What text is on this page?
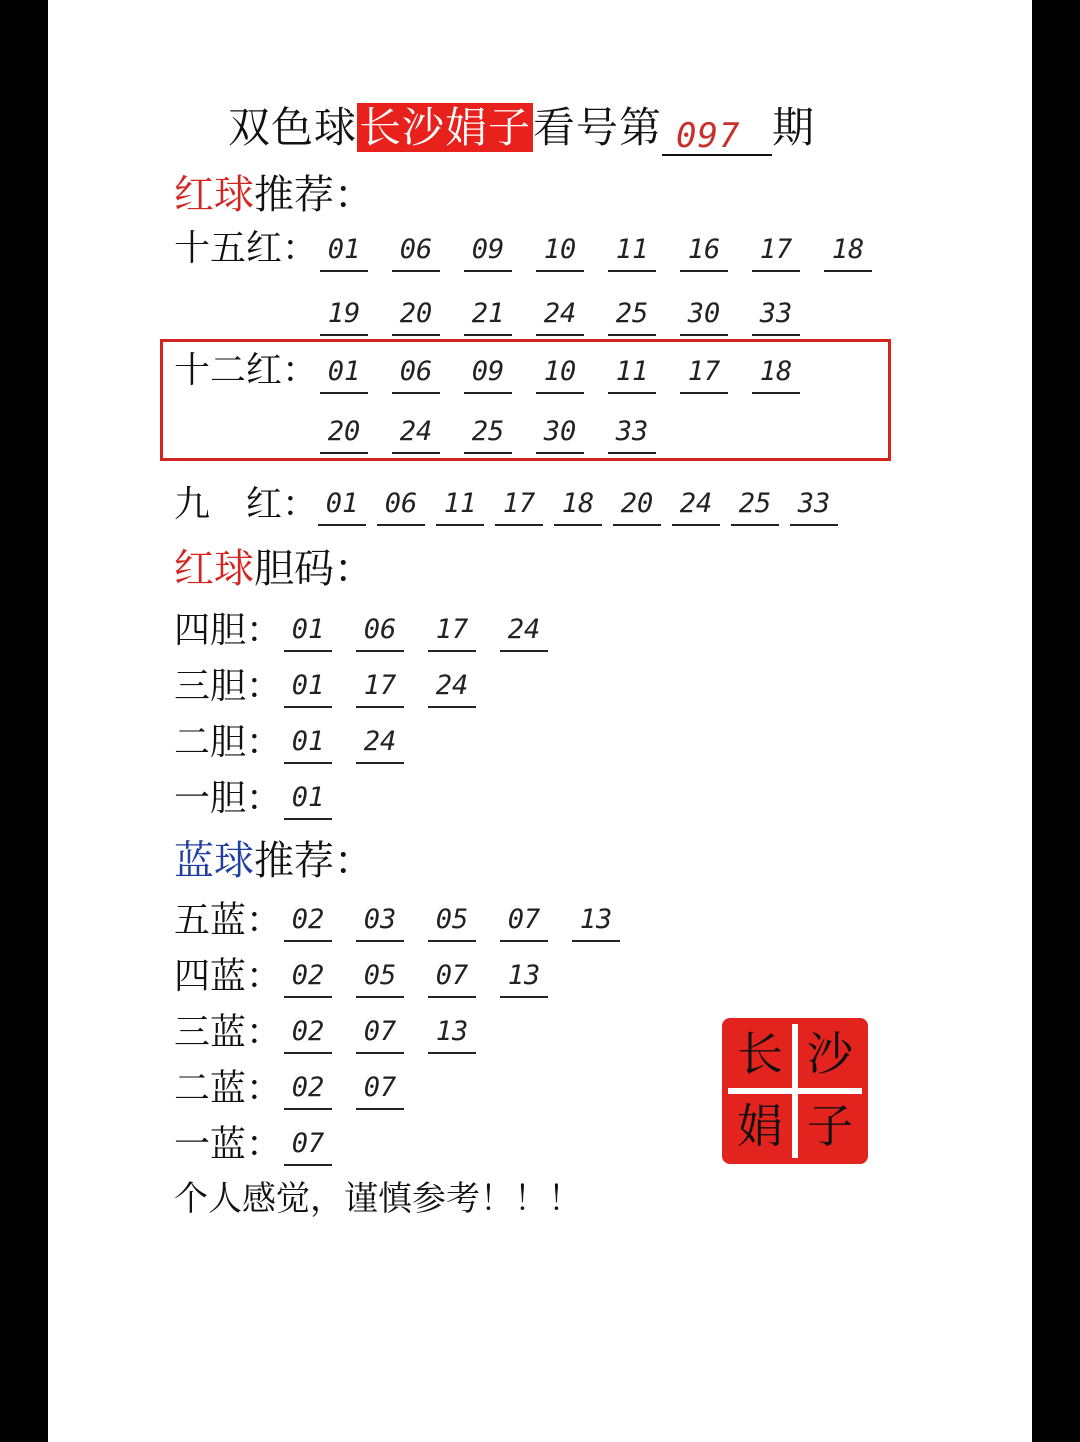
双色球长沙娟子看号第 097 期
红球推荐：
十五红： 01 06 09 10 11 16 17 18
19 20 21 24 25 30 33
十二红： 01 06 09 10 11 17 18
20 24 25 30 33
九　红： 01 06 11 17 18 20 24 25 33
红球胆码：
四胆： 01 06 17 24
三胆： 01 17 24
二胆： 01 24
一胆： 01
蓝球推荐：
五蓝： 02 03 05 07 13
四蓝： 02 05 07 13
三蓝： 02 07 13
二蓝： 02 07
一蓝： 07
个人感觉，谨慎参考！！！
长 沙
娟 子
